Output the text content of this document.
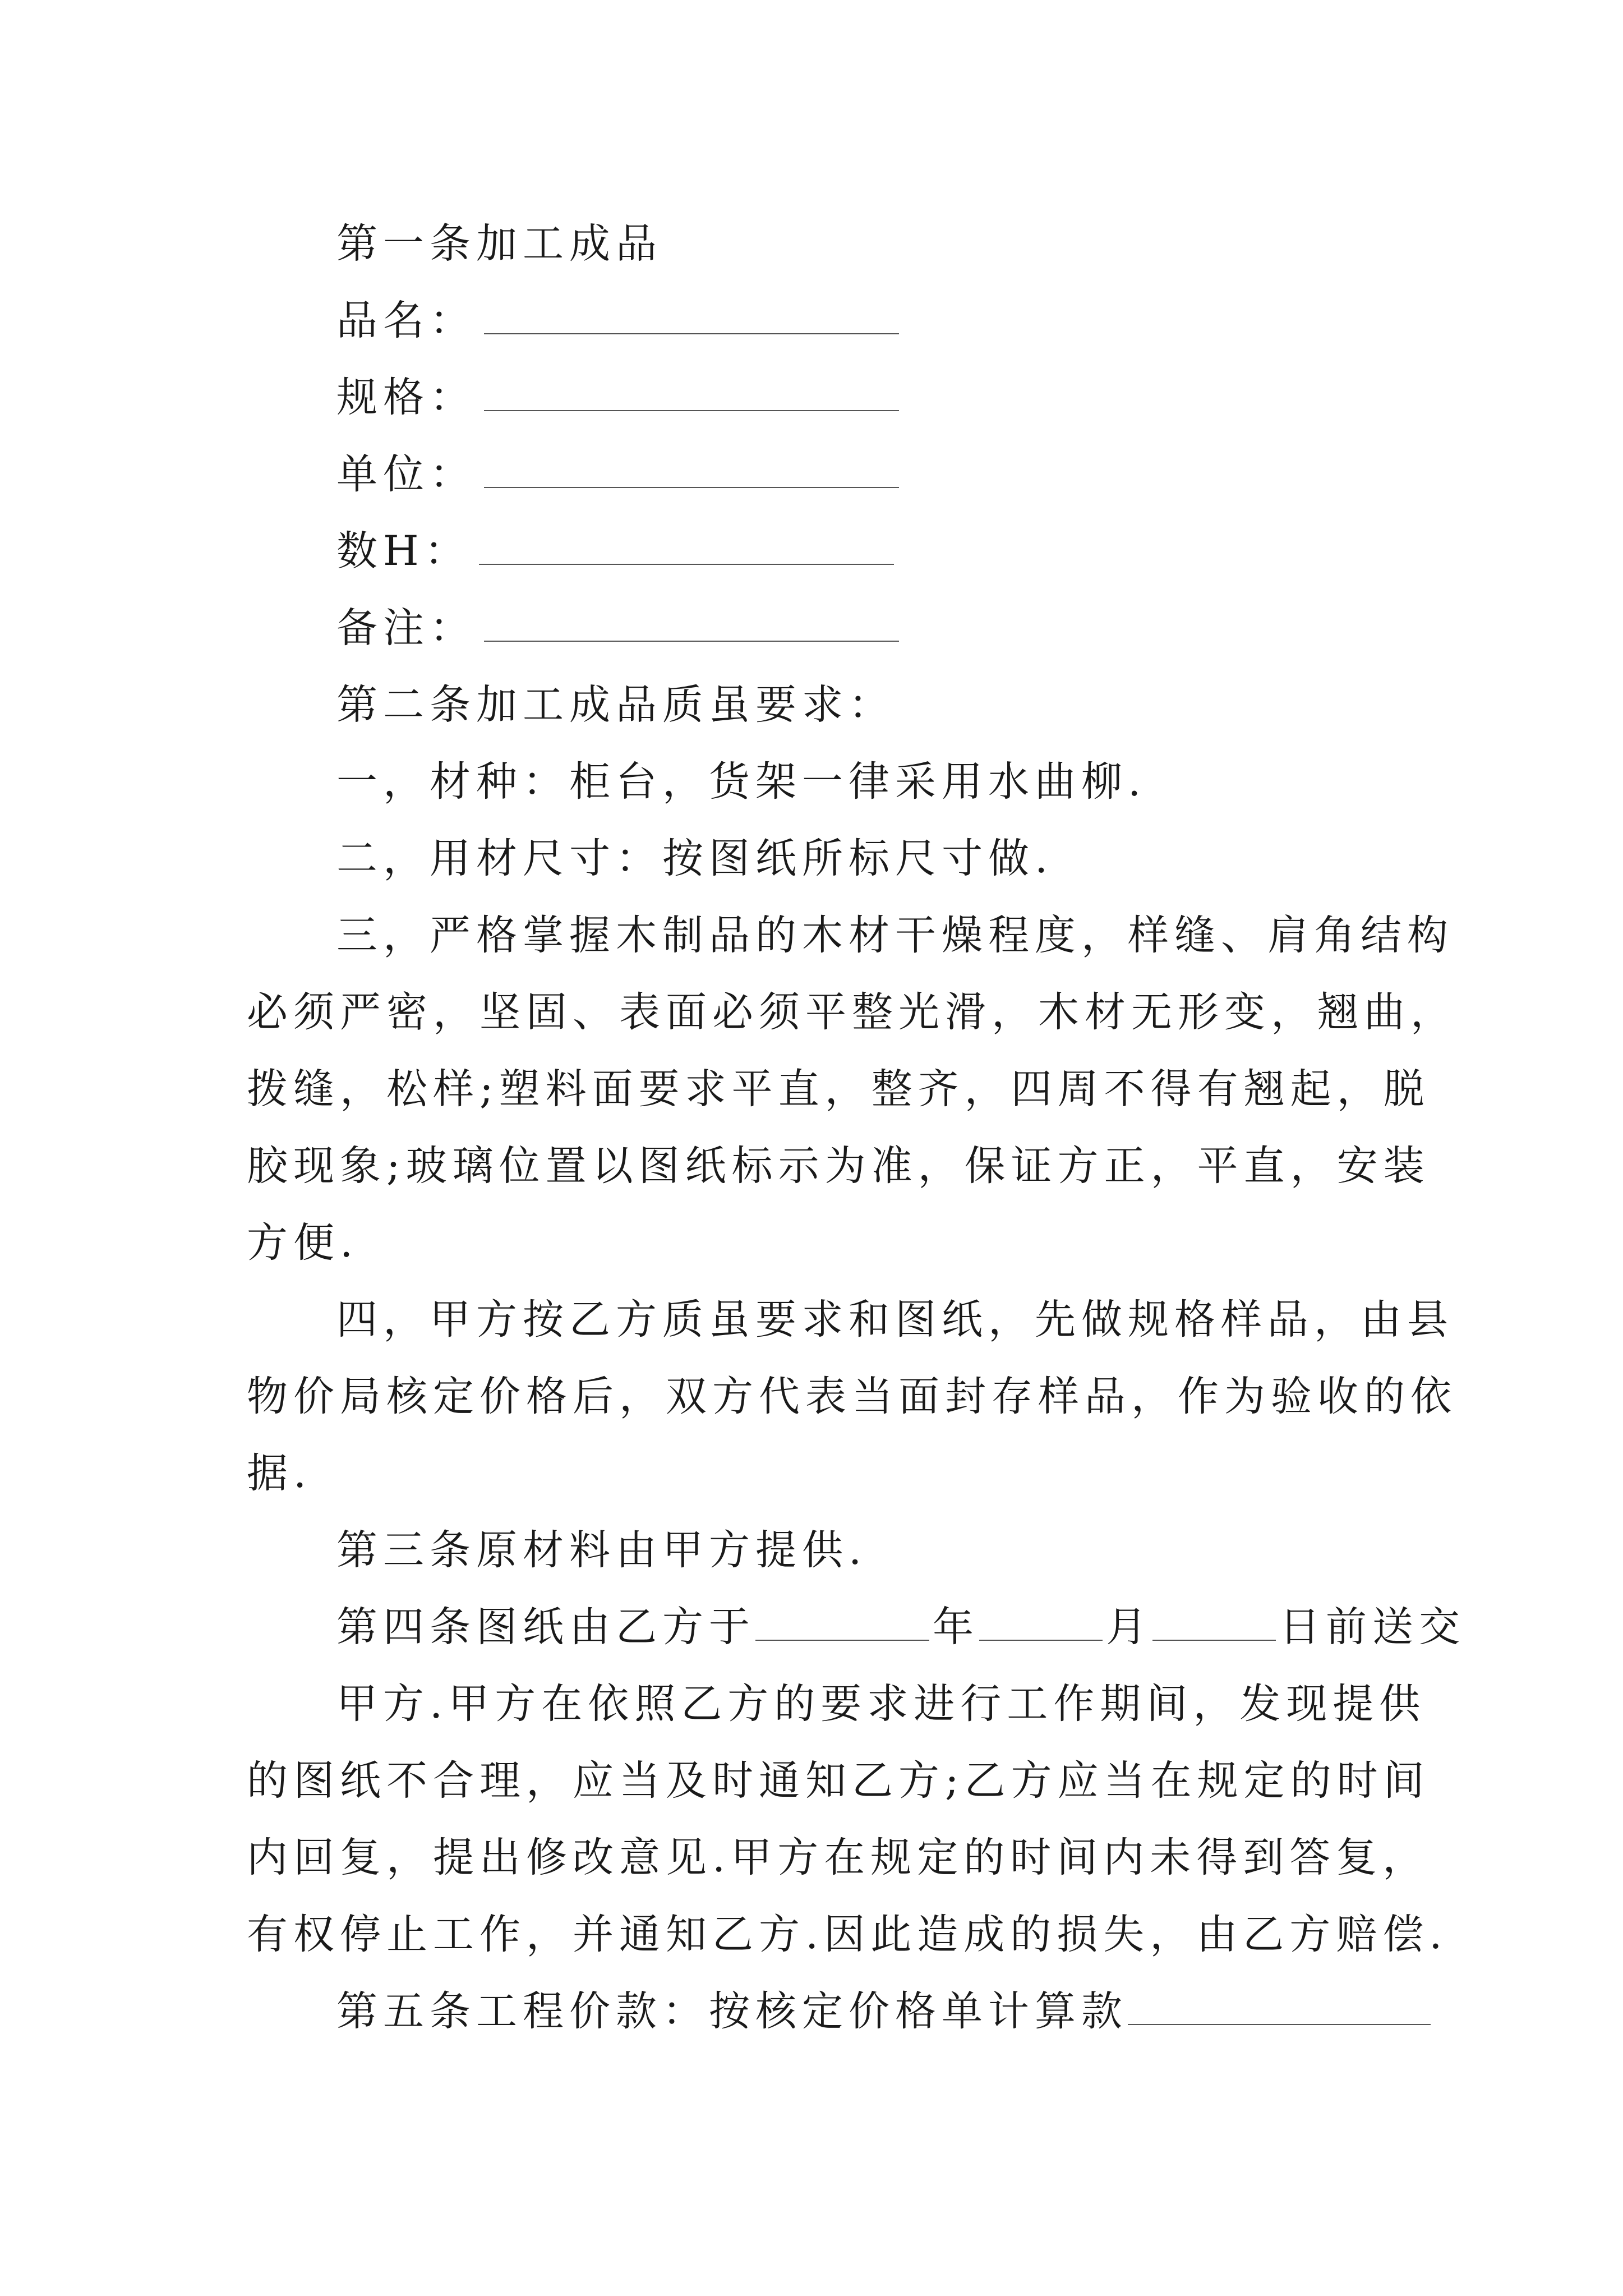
第一条加工成品
品名：
规格：
单位：
数H：
备注：
第二条加工成品质虽要求：
一，材种：柜台，货架一律采用水曲柳.
二，用材尺寸：按图纸所标尺寸做.
三，严格掌握木制品的木材干燥程度，样缝、肩角结构
必须严密，坚固、表面必须平整光滑，木材无形变，翘曲，
拨缝，松样;塑料面要求平直，整齐，四周不得有翘起，脱
胶现象;玻璃位置以图纸标示为准，保证方正，平直，安装
方便.
四，甲方按乙方质虽要求和图纸，先做规格样品，由县
物价局核定价格后，双方代表当面封存样品，作为验收的依
据.
第三条原材料由甲方提供.
第四条图纸由乙方于	年	月	日前送交
甲方.甲方在依照乙方的要求进行工作期间，发现提供
的图纸不合理，应当及时通知乙方;乙方应当在规定的时间
内回复，提出修改意见.甲方在规定的时间内未得到答复，
有权停止工作，并通知乙方.因此造成的损失，由乙方赔偿.
第五条工程价款：按核定价格单计算款
